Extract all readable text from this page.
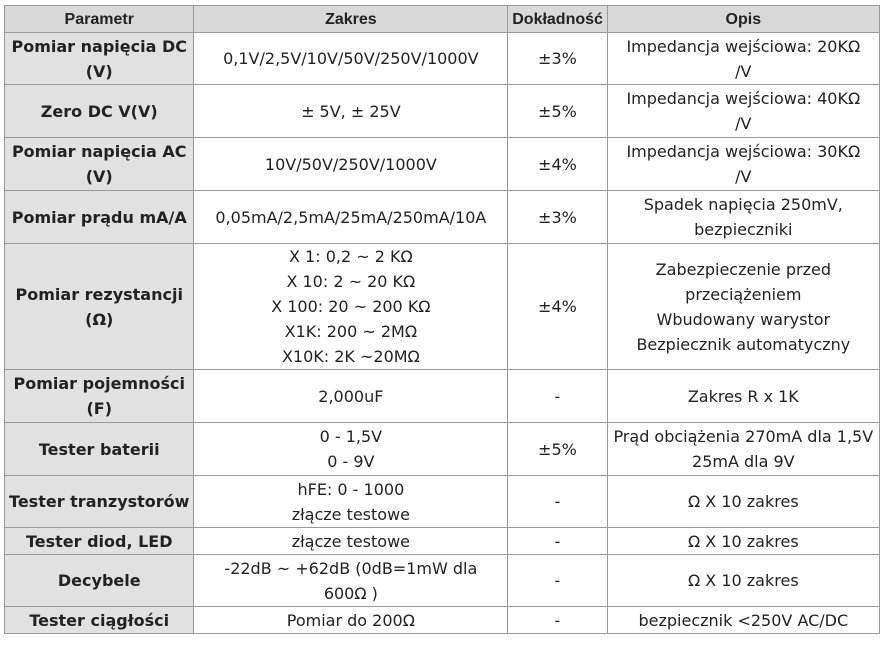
Parametr	Zakres	Dokładność	Opis

Pomiar napięcia DC
(V)	0,1V/2,5V/10V/50V/250V/1000V	±3%	Impedancja wejściowa: 20KΩ
/V

Zero DC V(V)	± 5V, ± 25V	±5%	Impedancja wejściowa: 40KΩ
/V

Pomiar napięcia AC
(V)	10V/50V/250V/1000V	±4%	Impedancja wejściowa: 30KΩ
/V

Pomiar prądu mA/A	0,05mA/2,5mA/25mA/250mA/10A	±3%	Spadek napięcia 250mV,
bezpieczniki

Pomiar rezystancji
(Ω)	X 1: 0,2 ~ 2 KΩ
X 10: 2 ~ 20 KΩ
X 100: 20 ~ 200 KΩ
X1K: 200 ~ 2MΩ
X10K: 2K ~20MΩ	±4%	Zabezpieczenie przed
przeciążeniem
Wbudowany warystor
Bezpiecznik automatyczny

Pomiar pojemności
(F)	2,000uF	-	Zakres R x 1K

Tester baterii	0 - 1,5V
0 - 9V	±5%	Prąd obciążenia 270mA dla 1,5V
25mA dla 9V

Tester tranzystorów	hFE: 0 - 1000
złącze testowe	-	Ω X 10 zakres

Tester diod, LED	złącze testowe	-	Ω X 10 zakres

Decybele	-22dB ~ +62dB (0dB=1mW dla
600Ω )	-	Ω X 10 zakres

Tester ciągłości	Pomiar do 200Ω	-	bezpiecznik <250V AC/DC
